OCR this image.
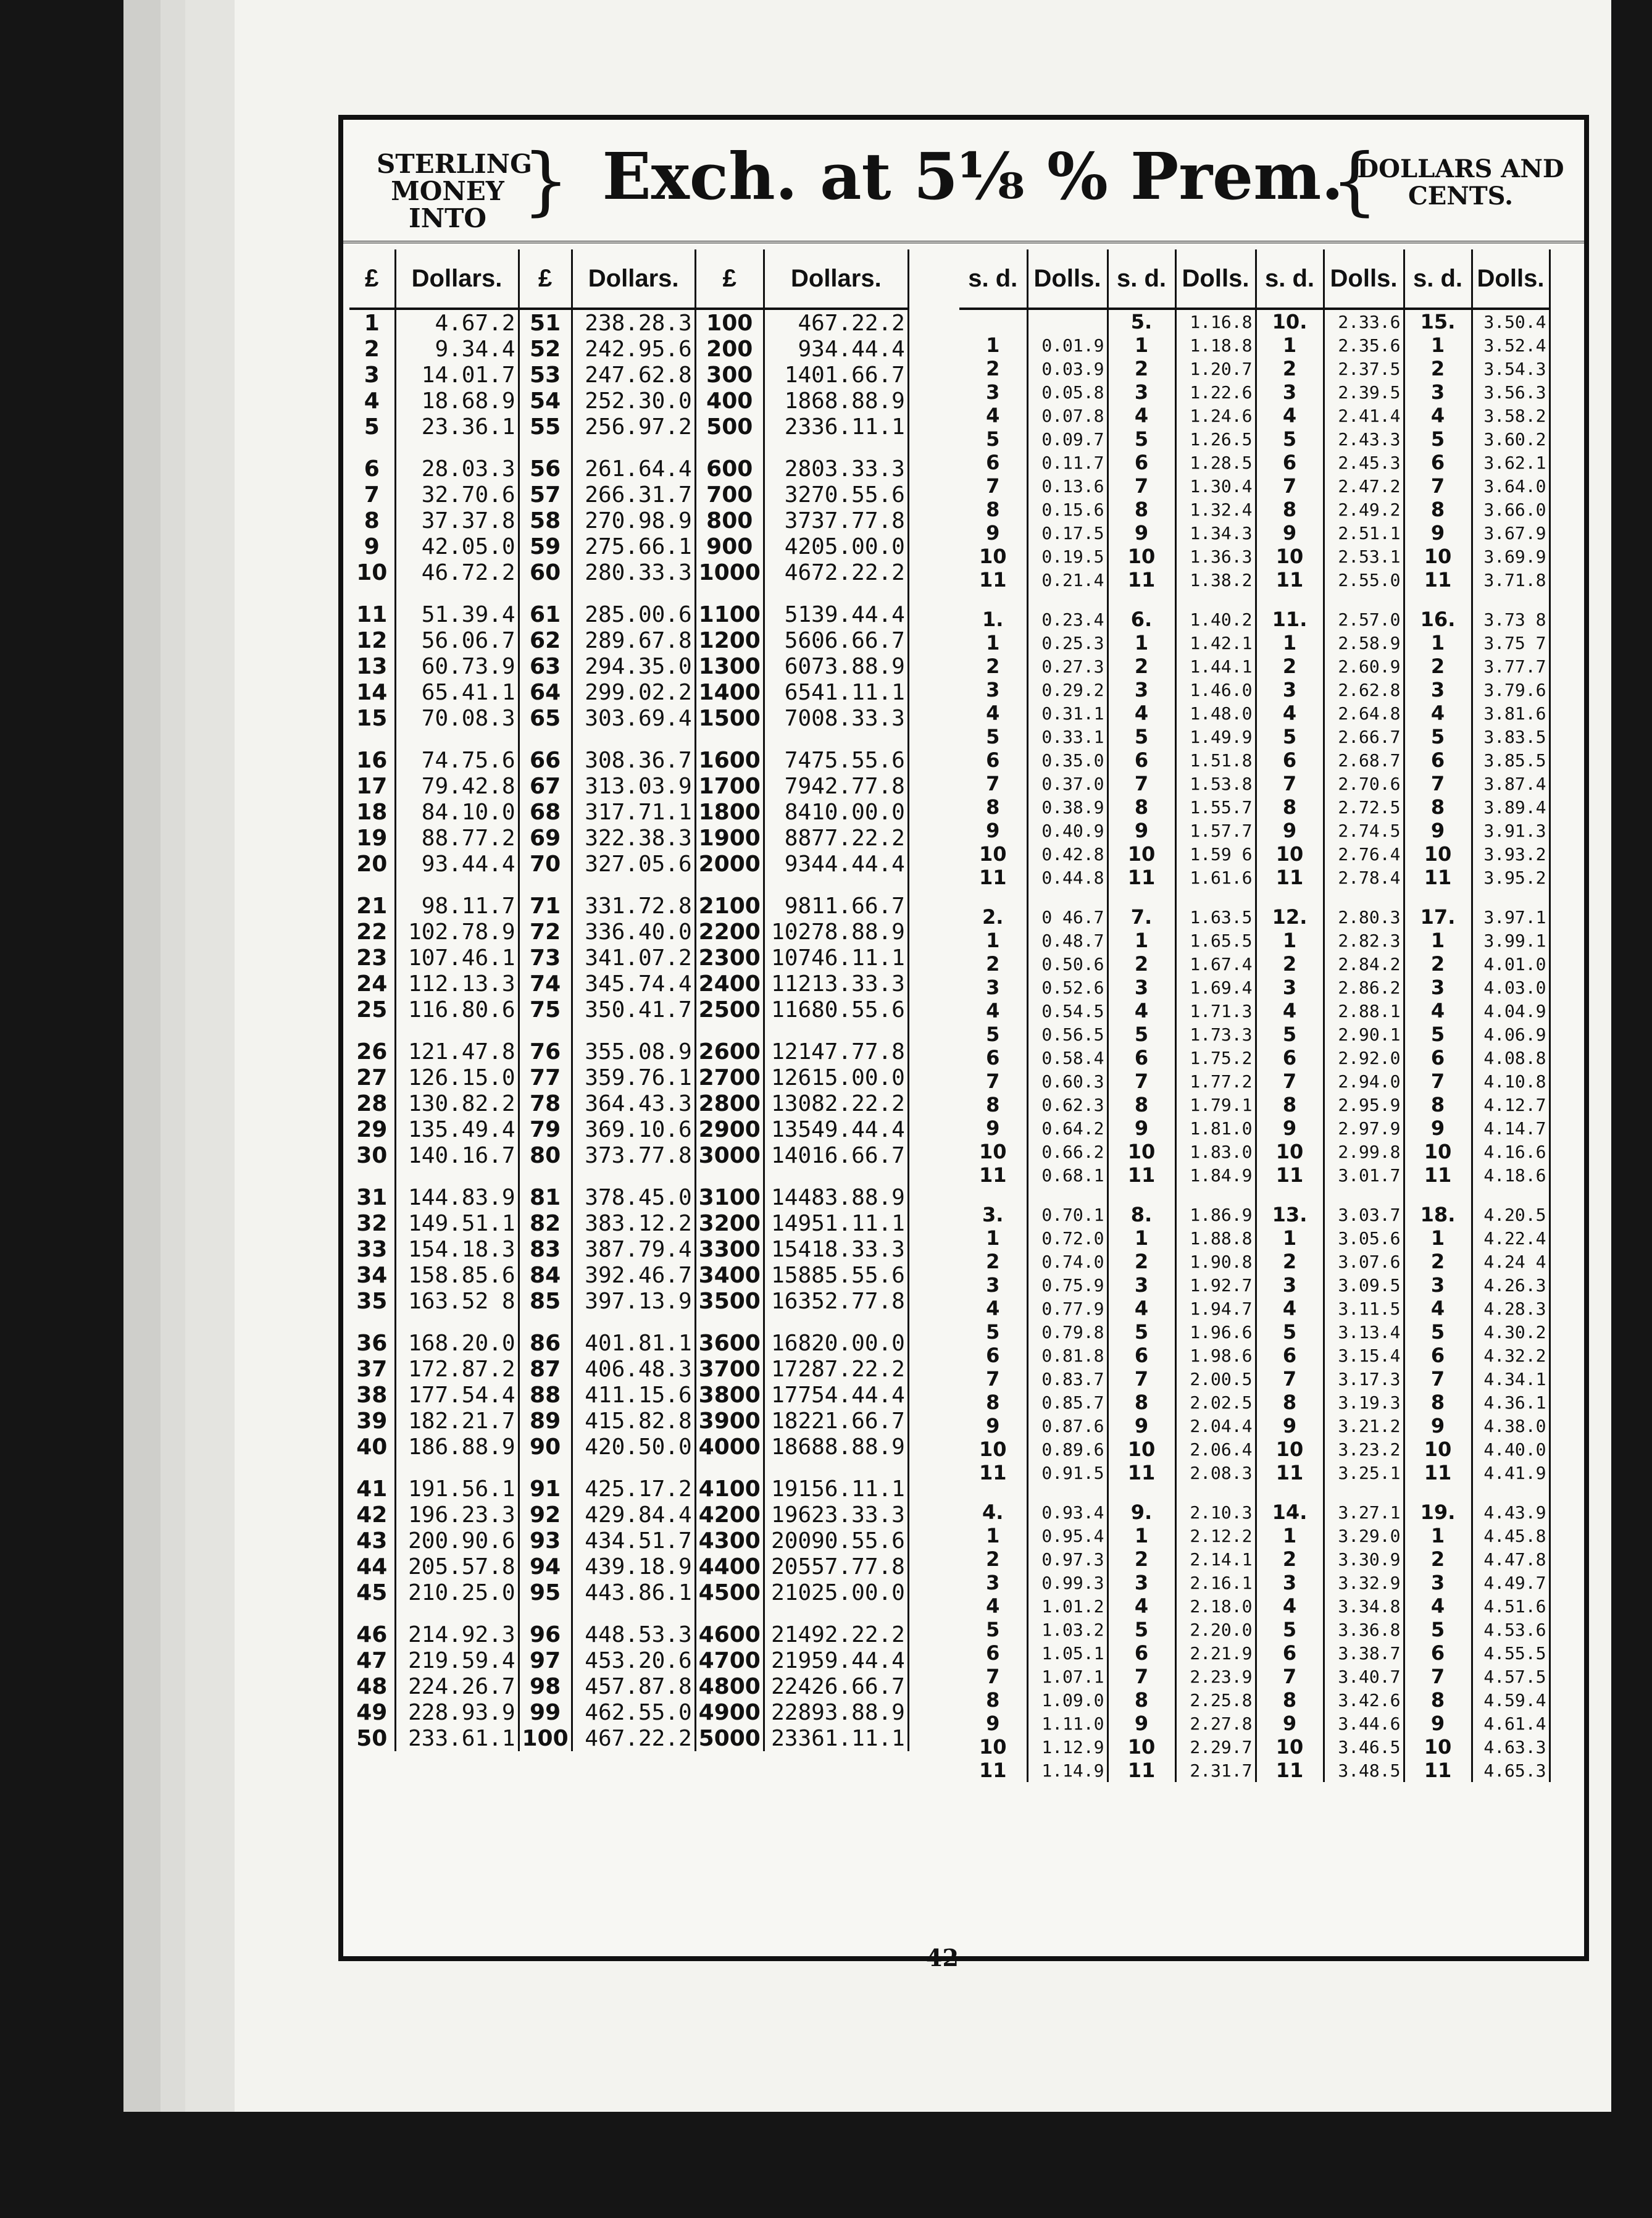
STERLING MONEY INTO } Exch. at 5⅛ % Prem.
{
DOLLARS AND CENTS.
£	Dollars.	£	Dollars.	£	Dollars.
1	4.67.2	51	238.28.3	100	467.22.2
2	9.34.4	52	242.95.6	200	934.44.4
3	14.01.7	53	247.62.8	300	1401.66.7
4	18.68.9	54	252.30.0	400	1868.88.9
5	23.36.1	55	256.97.2	500	2336.11.1

6	28.03.3	56	261.64.4	600	2803.33.3
7	32.70.6	57	266.31.7	700	3270.55.6
8	37.37.8	58	270.98.9	800	3737.77.8
9	42.05.0	59	275.66.1	900	4205.00.0
10	46.72.2	60	280.33.3	1000	4672.22.2

11	51.39.4	61	285.00.6	1100	5139.44.4
12	56.06.7	62	289.67.8	1200	5606.66.7
13	60.73.9	63	294.35.0	1300	6073.88.9
14	65.41.1	64	299.02.2	1400	6541.11.1
15	70.08.3	65	303.69.4	1500	7008.33.3

16	74.75.6	66	308.36.7	1600	7475.55.6
17	79.42.8	67	313.03.9	1700	7942.77.8
18	84.10.0	68	317.71.1	1800	8410.00.0
19	88.77.2	69	322.38.3	1900	8877.22.2
20	93.44.4	70	327.05.6	2000	9344.44.4

21	98.11.7	71	331.72.8	2100	9811.66.7
22	102.78.9	72	336.40.0	2200	10278.88.9
23	107.46.1	73	341.07.2	2300	10746.11.1
24	112.13.3	74	345.74.4	2400	11213.33.3
25	116.80.6	75	350.41.7	2500	11680.55.6

26	121.47.8	76	355.08.9	2600	12147.77.8
27	126.15.0	77	359.76.1	2700	12615.00.0
28	130.82.2	78	364.43.3	2800	13082.22.2
29	135.49.4	79	369.10.6	2900	13549.44.4
30	140.16.7	80	373.77.8	3000	14016.66.7

31	144.83.9	81	378.45.0	3100	14483.88.9
32	149.51.1	82	383.12.2	3200	14951.11.1
33	154.18.3	83	387.79.4	3300	15418.33.3
34	158.85.6	84	392.46.7	3400	15885.55.6
35	163.52 8	85	397.13.9	3500	16352.77.8

36	168.20.0	86	401.81.1	3600	16820.00.0
37	172.87.2	87	406.48.3	3700	17287.22.2
38	177.54.4	88	411.15.6	3800	17754.44.4
39	182.21.7	89	415.82.8	3900	18221.66.7
40	186.88.9	90	420.50.0	4000	18688.88.9

41	191.56.1	91	425.17.2	4100	19156.11.1
42	196.23.3	92	429.84.4	4200	19623.33.3
43	200.90.6	93	434.51.7	4300	20090.55.6
44	205.57.8	94	439.18.9	4400	20557.77.8
45	210.25.0	95	443.86.1	4500	21025.00.0

46	214.92.3	96	448.53.3	4600	21492.22.2
47	219.59.4	97	453.20.6	4700	21959.44.4
48	224.26.7	98	457.87.8	4800	22426.66.7
49	228.93.9	99	462.55.0	4900	22893.88.9
50	233.61.1	100	467.22.2	5000	23361.11.1
s. d.	Dolls.	s. d.	Dolls.	s. d.	Dolls.	s. d.	Dolls.
		5.	1.16.8	10.	2.33.6	15.	3.50.4
1	0.01.9	1	1.18.8	1	2.35.6	1	3.52.4
2	0.03.9	2	1.20.7	2	2.37.5	2	3.54.3
3	0.05.8	3	1.22.6	3	2.39.5	3	3.56.3
4	0.07.8	4	1.24.6	4	2.41.4	4	3.58.2
5	0.09.7	5	1.26.5	5	2.43.3	5	3.60.2
6	0.11.7	6	1.28.5	6	2.45.3	6	3.62.1
7	0.13.6	7	1.30.4	7	2.47.2	7	3.64.0
8	0.15.6	8	1.32.4	8	2.49.2	8	3.66.0
9	0.17.5	9	1.34.3	9	2.51.1	9	3.67.9
10	0.19.5	10	1.36.3	10	2.53.1	10	3.69.9
11	0.21.4	11	1.38.2	11	2.55.0	11	3.71.8

1.	0.23.4	6.	1.40.2	11.	2.57.0	16.	3.73 8
1	0.25.3	1	1.42.1	1	2.58.9	1	3.75 7
2	0.27.3	2	1.44.1	2	2.60.9	2	3.77.7
3	0.29.2	3	1.46.0	3	2.62.8	3	3.79.6
4	0.31.1	4	1.48.0	4	2.64.8	4	3.81.6
5	0.33.1	5	1.49.9	5	2.66.7	5	3.83.5
6	0.35.0	6	1.51.8	6	2.68.7	6	3.85.5
7	0.37.0	7	1.53.8	7	2.70.6	7	3.87.4
8	0.38.9	8	1.55.7	8	2.72.5	8	3.89.4
9	0.40.9	9	1.57.7	9	2.74.5	9	3.91.3
10	0.42.8	10	1.59 6	10	2.76.4	10	3.93.2
11	0.44.8	11	1.61.6	11	2.78.4	11	3.95.2

2.	0 46.7	7.	1.63.5	12.	2.80.3	17.	3.97.1
1	0.48.7	1	1.65.5	1	2.82.3	1	3.99.1
2	0.50.6	2	1.67.4	2	2.84.2	2	4.01.0
3	0.52.6	3	1.69.4	3	2.86.2	3	4.03.0
4	0.54.5	4	1.71.3	4	2.88.1	4	4.04.9
5	0.56.5	5	1.73.3	5	2.90.1	5	4.06.9
6	0.58.4	6	1.75.2	6	2.92.0	6	4.08.8
7	0.60.3	7	1.77.2	7	2.94.0	7	4.10.8
8	0.62.3	8	1.79.1	8	2.95.9	8	4.12.7
9	0.64.2	9	1.81.0	9	2.97.9	9	4.14.7
10	0.66.2	10	1.83.0	10	2.99.8	10	4.16.6
11	0.68.1	11	1.84.9	11	3.01.7	11	4.18.6

3.	0.70.1	8.	1.86.9	13.	3.03.7	18.	4.20.5
1	0.72.0	1	1.88.8	1	3.05.6	1	4.22.4
2	0.74.0	2	1.90.8	2	3.07.6	2	4.24 4
3	0.75.9	3	1.92.7	3	3.09.5	3	4.26.3
4	0.77.9	4	1.94.7	4	3.11.5	4	4.28.3
5	0.79.8	5	1.96.6	5	3.13.4	5	4.30.2
6	0.81.8	6	1.98.6	6	3.15.4	6	4.32.2
7	0.83.7	7	2.00.5	7	3.17.3	7	4.34.1
8	0.85.7	8	2.02.5	8	3.19.3	8	4.36.1
9	0.87.6	9	2.04.4	9	3.21.2	9	4.38.0
10	0.89.6	10	2.06.4	10	3.23.2	10	4.40.0
11	0.91.5	11	2.08.3	11	3.25.1	11	4.41.9

4.	0.93.4	9.	2.10.3	14.	3.27.1	19.	4.43.9
1	0.95.4	1	2.12.2	1	3.29.0	1	4.45.8
2	0.97.3	2	2.14.1	2	3.30.9	2	4.47.8
3	0.99.3	3	2.16.1	3	3.32.9	3	4.49.7
4	1.01.2	4	2.18.0	4	3.34.8	4	4.51.6
5	1.03.2	5	2.20.0	5	3.36.8	5	4.53.6
6	1.05.1	6	2.21.9	6	3.38.7	6	4.55.5
7	1.07.1	7	2.23.9	7	3.40.7	7	4.57.5
8	1.09.0	8	2.25.8	8	3.42.6	8	4.59.4
9	1.11.0	9	2.27.8	9	3.44.6	9	4.61.4
10	1.12.9	10	2.29.7	10	3.46.5	10	4.63.3
11	1.14.9	11	2.31.7	11	3.48.5	11	4.65.3
42
